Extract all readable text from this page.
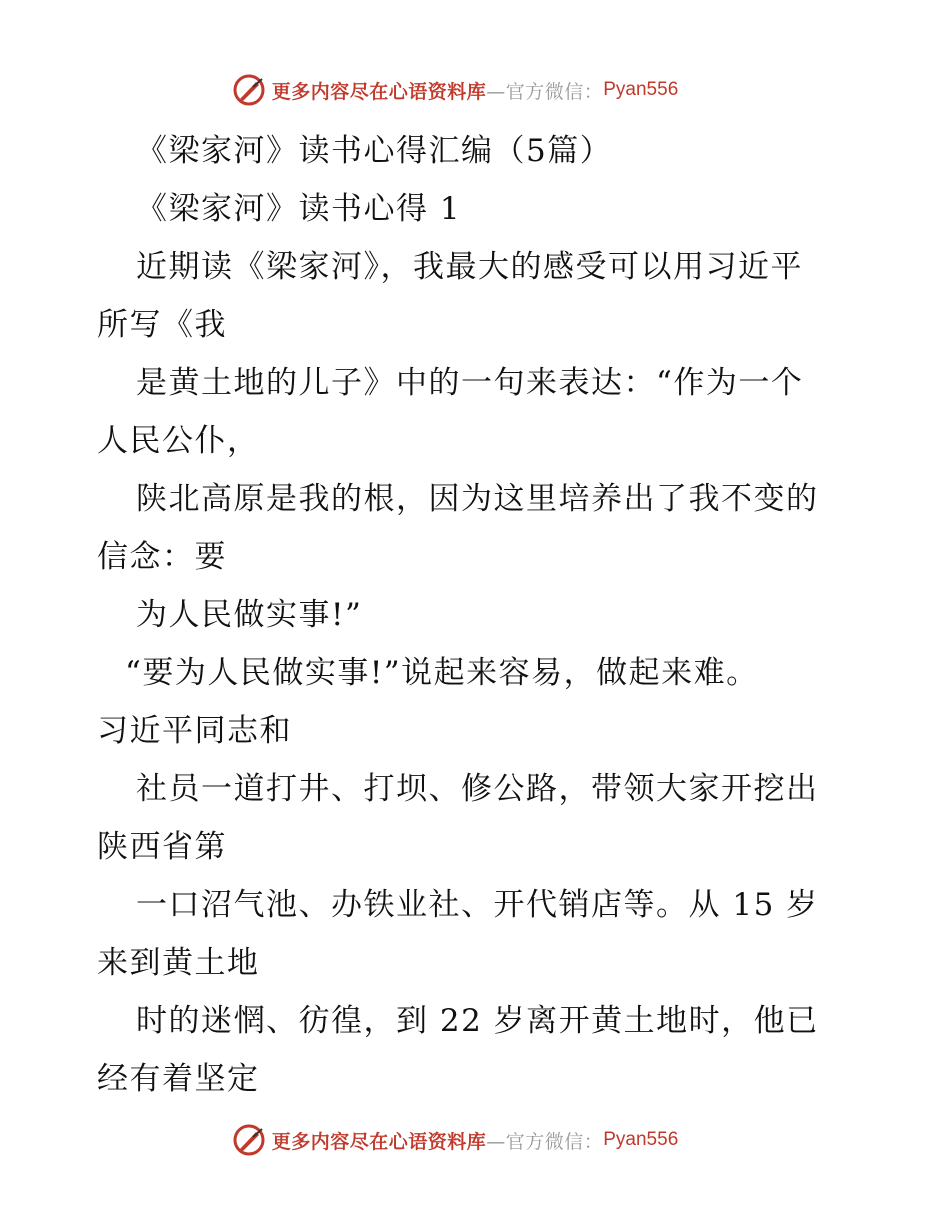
更多内容尽在心语资料库 —官方微信： Pyan556
《梁家河》读书心得汇编（5篇）
《梁家河》读书心得 1
近期读《梁家河》，我最大的感受可以用习近平
所写《我
是黄土地的儿子》中的一句来表达：“作为一个
人民公仆，
陕北高原是我的根，因为这里培养出了我不变的
信念：要
为人民做实事!”
“要为人民做实事!”说起来容易，做起来难。
习近平同志和
社员一道打井、打坝、修公路，带领大家开挖出
陕西省第
一口沼气池、办铁业社、开代销店等。从 15 岁
来到黄土地
时的迷惘、彷徨，到 22 岁离开黄土地时，他已
经有着坚定
更多内容尽在心语资料库 —官方微信： Pyan556
